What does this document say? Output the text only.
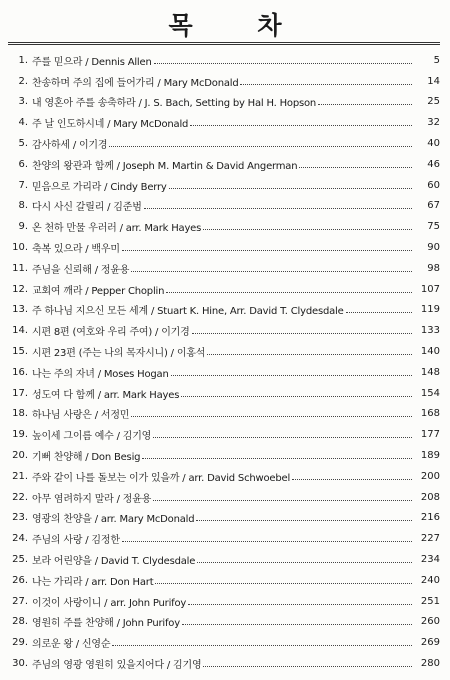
목 차
1. 주를 믿으라 / Dennis Allen	5
2. 찬송하며 주의 집에 들어가리 / Mary McDonald	14
3. 내 영혼아 주를 송축하라 / J. S. Bach, Setting by Hal H. Hopson	25
4. 주 날 인도하시네 / Mary McDonald	32
5. 감사하세 / 이기경	40
6. 찬양의 왕관과 함께 / Joseph M. Martin & David Angerman	46
7. 믿음으로 가리라 / Cindy Berry	60
8. 다시 사신 갈릴리 / 김준범	67
9. 온 천하 만물 우러러 / arr. Mark Hayes	75
10. 축복 있으라 / 백우미	90
11. 주님을 신뢰해 / 정윤용	98
12. 교회여 깨라 / Pepper Choplin	107
13. 주 하나님 지으신 모든 세계 / Stuart K. Hine, Arr. David T. Clydesdale	119
14. 시편 8편 (여호와 우리 주여) / 이기경	133
15. 시편 23편 (주는 나의 목자시니) / 이홍석	140
16. 나는 주의 자녀 / Moses Hogan	148
17. 성도여 다 함께 / arr. Mark Hayes	154
18. 하나님 사랑은 / 서정민	168
19. 높이세 그이름 예수 / 김기영	177
20. 기뻐 찬양해 / Don Besig	189
21. 주와 같이 나를 돌보는 이가 있을까 / arr. David Schwoebel	200
22. 아무 염려하지 말라 / 정윤용	208
23. 영광의 찬양을 / arr. Mary McDonald	216
24. 주님의 사랑 / 김정한	227
25. 보라 어린양을 / David T. Clydesdale	234
26. 나는 가리라 / arr. Don Hart	240
27. 이것이 사랑이니 / arr. John Purifoy	251
28. 영원히 주를 찬양해 / John Purifoy	260
29. 의로운 왕 / 신영순	269
30. 주님의 영광 영원히 있을지어다 / 김기영	280
